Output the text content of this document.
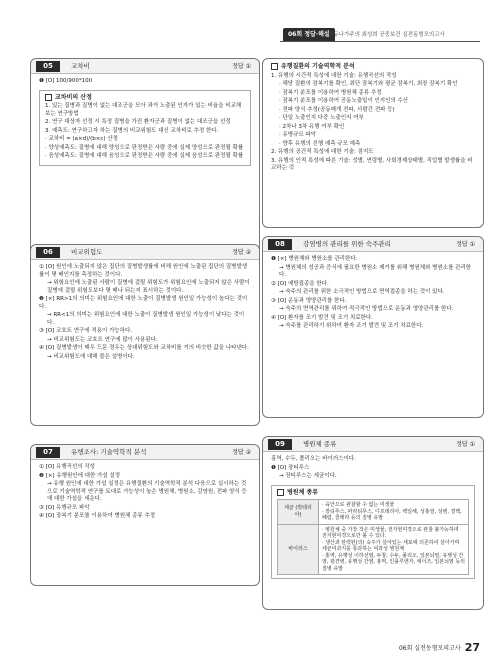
06회 정답·해설
에듀나가주의 최성희 공중보건 실전동형모의고사
05	교차비	정답 ①
❶ [O] 100/900*100
교차비의 산정
1. 있는 질병과 질병이 없는 대조군을 모아 과거 노출된 인자가 있는 비율을 비교해 보는 연구방법
2. 연구 대상자 선정 시 특정 질병을 가진 환자군과 질병이 없는 대조군을 선정
3. 예측도: 연구하고자 하는 질병의 비교위험도 대신 교차비로 추정 한다.
· 교차비 = (a×d)/(b×c) 산정
· 양성예측도: 질병에 대해 양성으로 판정받은 사람 중에 실제 양성으로 판정될 확률
· 음성예측도: 질병에 대해 음성으로 판정받은 사람 중에 실제 음성으로 판정될 확률
06	비교위험도	정답 ②
① [O] 원인에 노출되지 않은 집단의 질병발생률에 비해 원인에 노출된 집단의 질병발생률이 몇 배인지를 측정하는 것이다.
→ 위험요인에 노출된 사람이 질병에 걸릴 위험도가 위험요인에 노출되지 않은 사람이 질병에 걸릴 위험도보다 몇 배나 되는지 표시하는 것이다.
❷ [×] RR>1의 의미는 위험요인에 대한 노출이 질병발생 원인일 가능성이 높다는 것이다.
→ RR<1의 의미는 위험요인에 대한 노출이 질병발생 원인일 가능성이 낮다는 것이다.
③ [O] 코호트 연구에 적용이 가능하다.
→ 비교위험도는 코호트 연구에 많이 사용된다.
④ [O] 질병발생이 매우 드문 경우는 상대위험도와 교차비를 거의 비슷한 값을 나타낸다.
→ 비교위험도에 대해 물은 설명이다.
07	유행조사: 기술역학적 분석	정답 ②
① [O] 유행곡선의 작성
❷ [×] 유행원인에 대한 가설 설정
→ 유행 원인에 대한 가설 설정은 유행질환의 기술역학적 분석 다음으로 실시하는 것으로 기술역학적 연구를 토대로 가능성이 높은 병원체, 병원소, 감염원, 전파 양식 등에 대한 가설을 세운다.
③ [O] 유행규모 파악
④ [O] 장복기 분포를 이용하여 병원체 종류 추정
유행질환의 기술역학적 분석
1. 유행의 시간적 특성에 대한 기술: 유행곡선의 작성
· 해당 질환의 잠복기를 확인, 최단 잠복기와 평균 잠복기, 최장 잠복기 확인
· 잠복기 분포를 이용하여 병원체 종류 추정
· 잠복기 분포를 이용하여 공동노출일이 인지인의 수산
· 전파 양식 추정(공동매개 전파, 사람간 전파 등)
· 단일 노출인지 다중 노출인지 여부
· 2차나 3차 유행 여부 확인
· 유병규모 파악
· 향후 유행의 진행 예측 규모 예측
2. 유행의 공간적 특성에 대한 기술: 점지도
3. 유행의 인적 특성에 따른 기술: 성별, 연령별, 사회경제상태별, 직업별 발생률을 비교하는 것
08	감염병의 관리를 위한 숙주관리	정답 ①
❶ [×] 병원체와 병원소를 관리한다.
→ 병원체의 성공과 증식에 필요한 병원소 제거를 위해 병원체와 병원소를 관리한다.
② [O] 예방접종을 한다.
→ 숙주의 관리를 위한 소극적인 방법으로 면역접종을 하는 것이 있다.
③ [O] 운동과 영양관리를 한다.
→ 숙주의 면역관리를 위하여 적극적인 방법으로 운동과 영양관리를 한다.
④ [O] 환자를 조기 발견 및 조기 치료한다.
→ 숙주를 관리하기 위하여 환자 조기 발견 및 조기 치료한다.
09	병원체 종류	정답 ①
홍역, 수두, 폴리오는 바이러스이다.
❶ [O] 장티푸스
→ 장티푸스는 세균이다.
병원체 종류
세균 (박테리아)	· 육안으로 관찰할 수 없는 미생물
· 장티푸스, 파라티푸스, 디프테리아, 백일해, 성홍열, 성병, 결핵, 페렴, 콜레라 등의 질병 유발

바이러스	· 병원체 중 가장 작은 미생물, 전자현미경으로 관찰 불가능하며 전자현미경으로만 볼 수 있다.
· 생산과 탄력된(의) 숙주가 살아있는 세포에 의존하여 살아가며 세균여과지를 통과하는 여과성 병원체
· 홍역, 유행성 이하선염, 두창, 수두, 폴리오, 일본뇌염, 유행성 간염, 광견병, 유행성 간염, 홍역, 인플루엔자, 에이즈, 일본뇌염 등의 질병 유발
06회 실전동형모의고사 27
